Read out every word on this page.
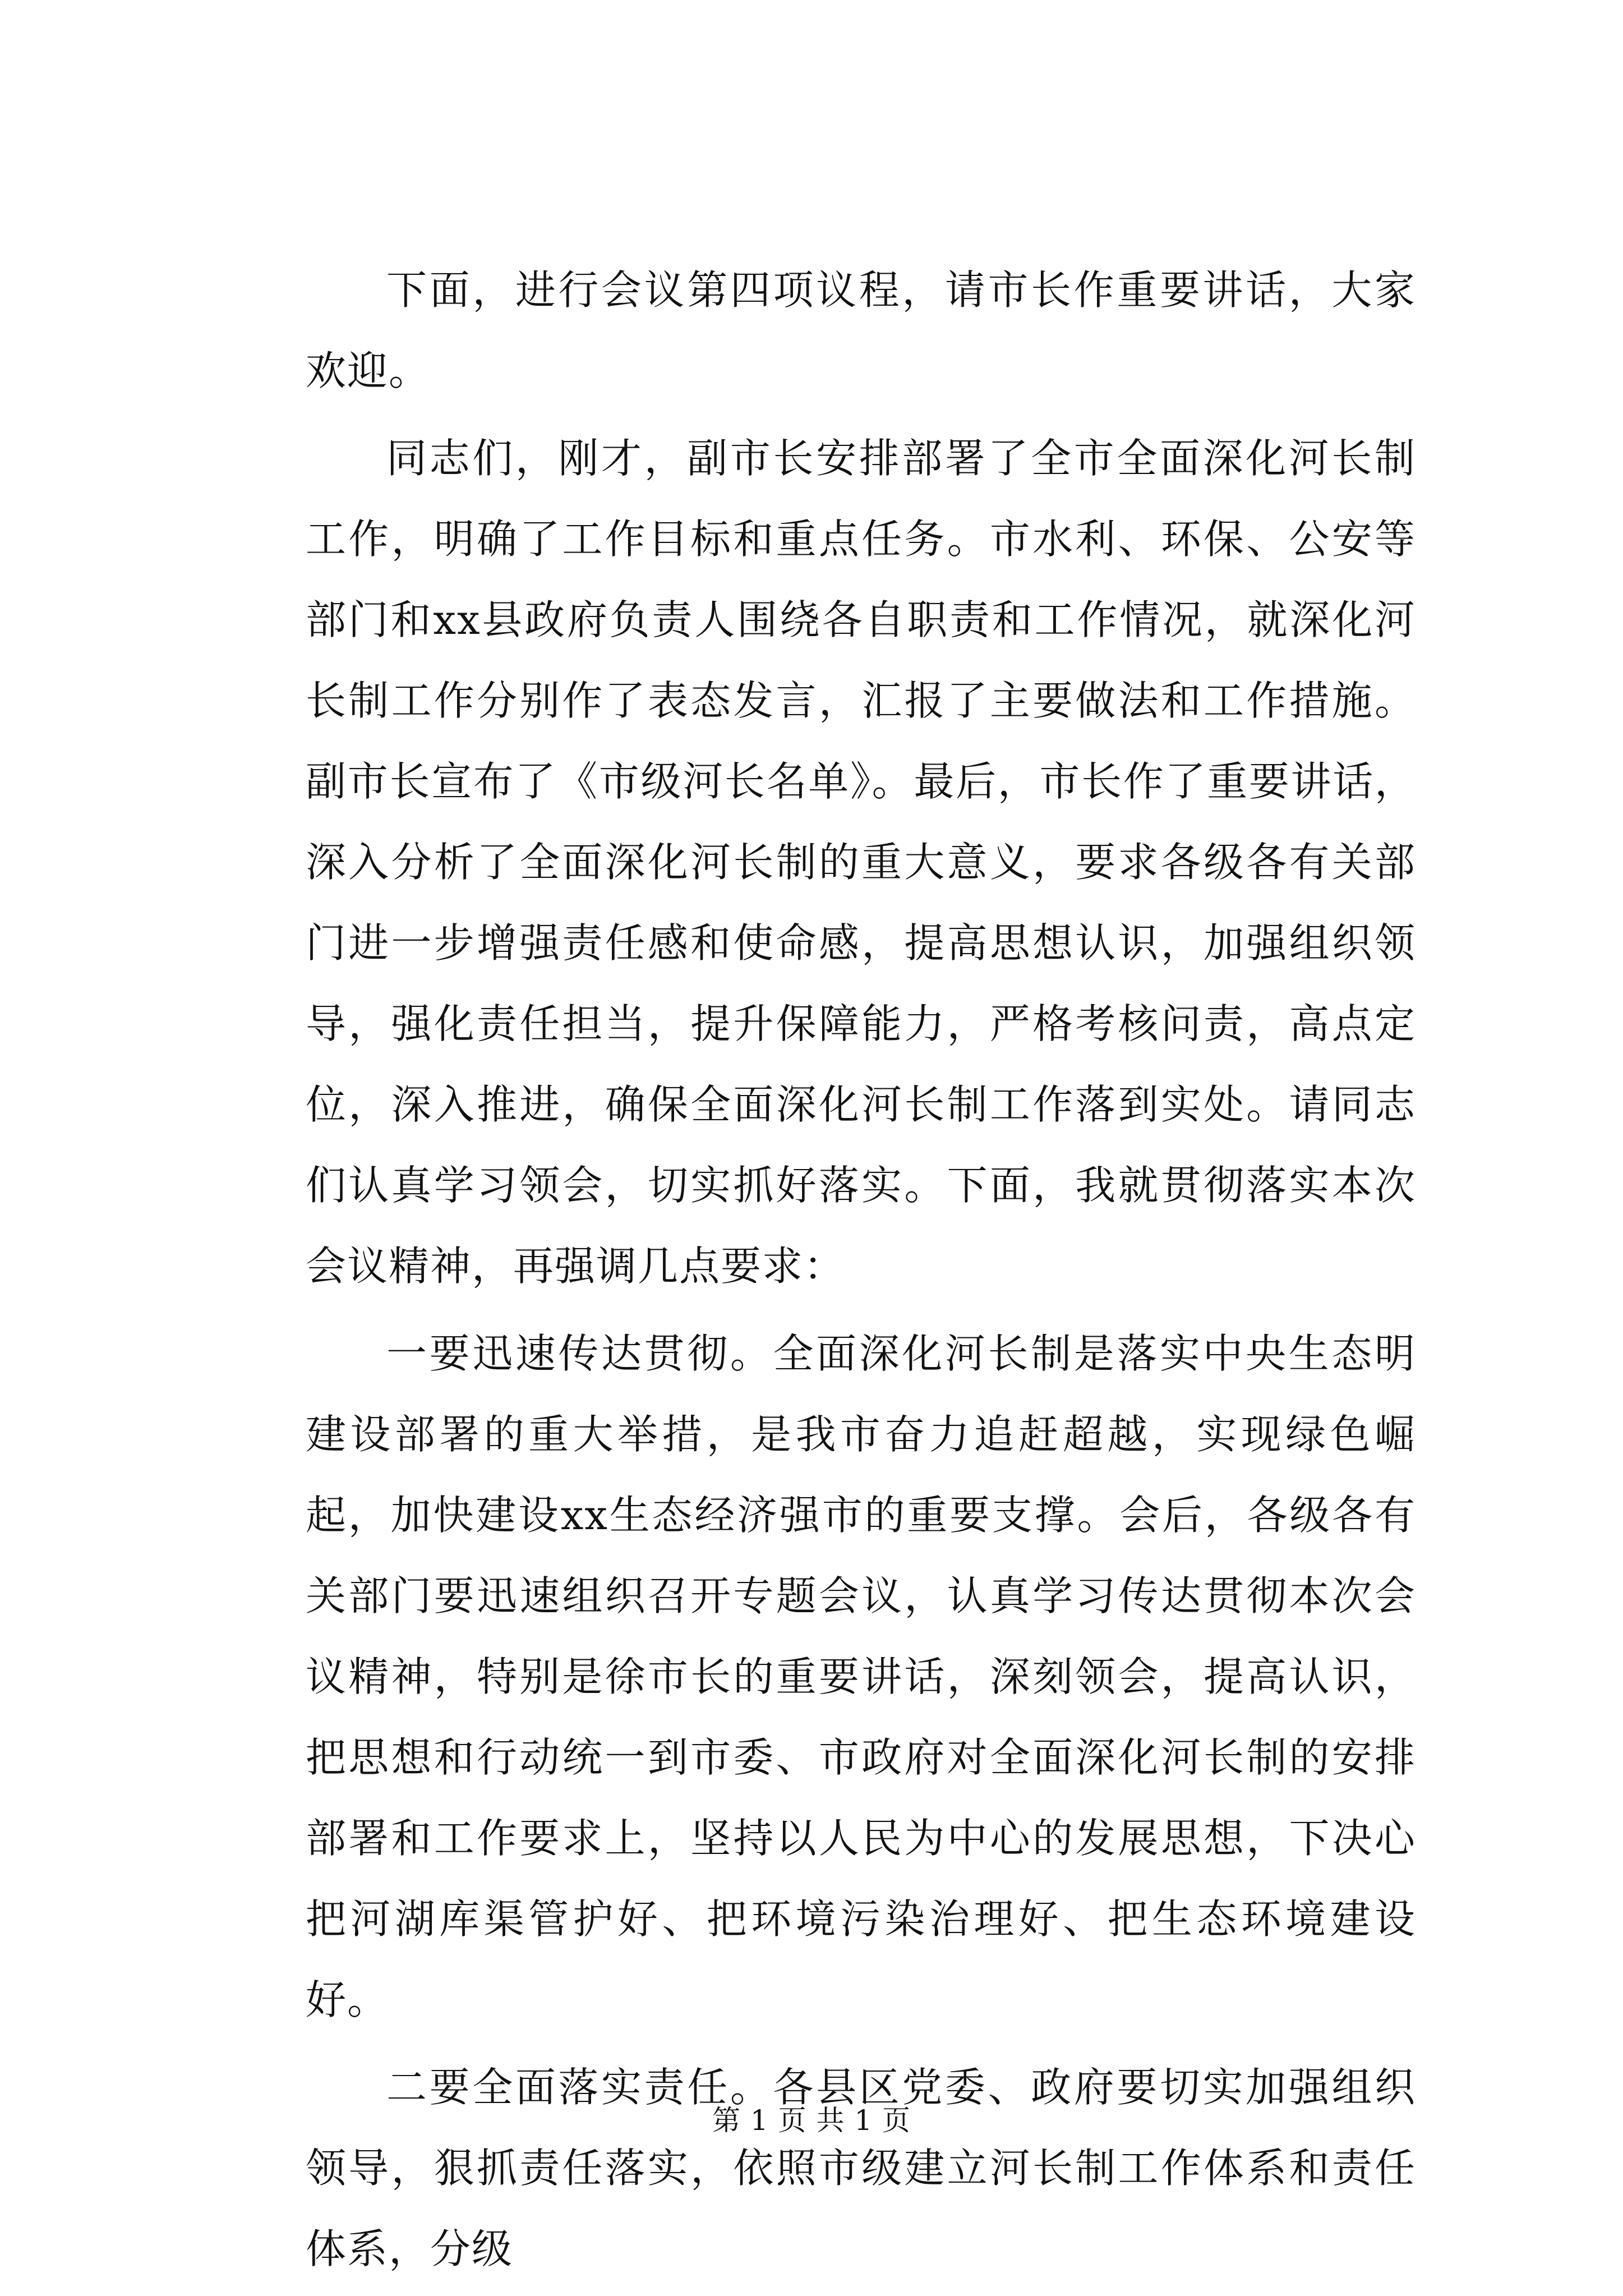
下面，进行会议第四项议程，请市长作重要讲话，大家欢迎。

同志们，刚才，副市长安排部署了全市全面深化河长制工作，明确了工作目标和重点任务。市水利、环保、公安等部门和xx县政府负责人围绕各自职责和工作情况，就深化河长制工作分别作了表态发言，汇报了主要做法和工作措施。副市长宣布了《市级河长名单》。最后，市长作了重要讲话，深入分析了全面深化河长制的重大意义，要求各级各有关部门进一步增强责任感和使命感，提高思想认识，加强组织领导，强化责任担当，提升保障能力，严格考核问责，高点定位，深入推进，确保全面深化河长制工作落到实处。请同志们认真学习领会，切实抓好落实。下面，我就贯彻落实本次会议精神，再强调几点要求：

一要迅速传达贯彻。全面深化河长制是落实中央生态明建设部署的重大举措，是我市奋力追赶超越，实现绿色崛起，加快建设xx生态经济强市的重要支撑。会后，各级各有关部门要迅速组织召开专题会议，认真学习传达贯彻本次会议精神，特别是徐市长的重要讲话，深刻领会，提高认识，把思想和行动统一到市委、市政府对全面深化河长制的安排部署和工作要求上，坚持以人民为中心的发展思想，下决心把河湖库渠管护好、把环境污染治理好、把生态环境建设好。

二要全面落实责任。各县区党委、政府要切实加强组织领导，狠抓责任落实，依照市级建立河长制工作体系和责任体系，分级

第 1 页 共 1 页
